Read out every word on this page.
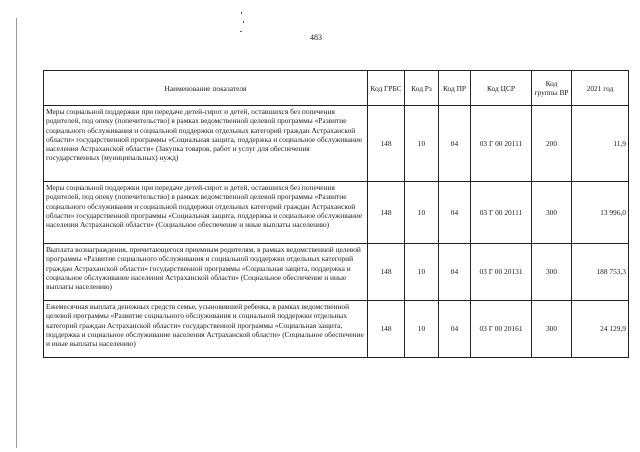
483
Наименование показателя	Код ГРБС	Код Рз	Код ПР	Код ЦСР	Код группы ВР	2021 год
Меры социальной поддержки при передаче детей-сирот и детей, оставшихся без попечения родителей, под опеку (попечительство) в рамках ведомственной целевой программы «Развитие социального обслуживания и социальной поддержки отдельных категорий граждан Астраханской области» государственной программы «Социальная защита, поддержка и социальное обслуживание населения Астраханской области» (Закупка товаров, работ и услуг для обеспечения государственных (муниципальных) нужд)	148	10	04	03 Г 00 20111	200	11,9
Меры социальной поддержки при передаче детей-сирот и детей, оставшихся без попечения родителей, под опеку (попечительство) в рамках ведомственной целевой программы «Развитие социального обслуживания и социальной поддержки отдельных категорий граждан Астраханской области» государственной программы «Социальная защита, поддержка и социальное обслуживание населения Астраханской области» (Социальное обеспечение и иные выплаты населению)	148	10	04	03 Г 00 20111	300	13 996,0
Выплата вознаграждения, причитающегося приемным родителям, в рамках ведомственной целевой программы «Развитие социального обслуживания и социальной поддержки отдельных категорий граждан Астраханской области» государственной программы «Социальная защита, поддержка и социальное обслуживание населения Астраханской области» (Социальное обеспечение и иные выплаты населению)	148	10	04	03 Г 00 20131	300	188 753,3
Ежемесячная выплата денежных средств семье, усыновившей ребенка, в рамках ведомственной целевой программы «Развитие социального обслуживания и социальной поддержки отдельных категорий граждан Астраханской области» государственной программы «Социальная защита, поддержка и социальное обслуживание населения Астраханской области» (Социальное обеспечение и иные выплаты населению)	148	10	04	03 Г 00 20161	300	24 129,9
